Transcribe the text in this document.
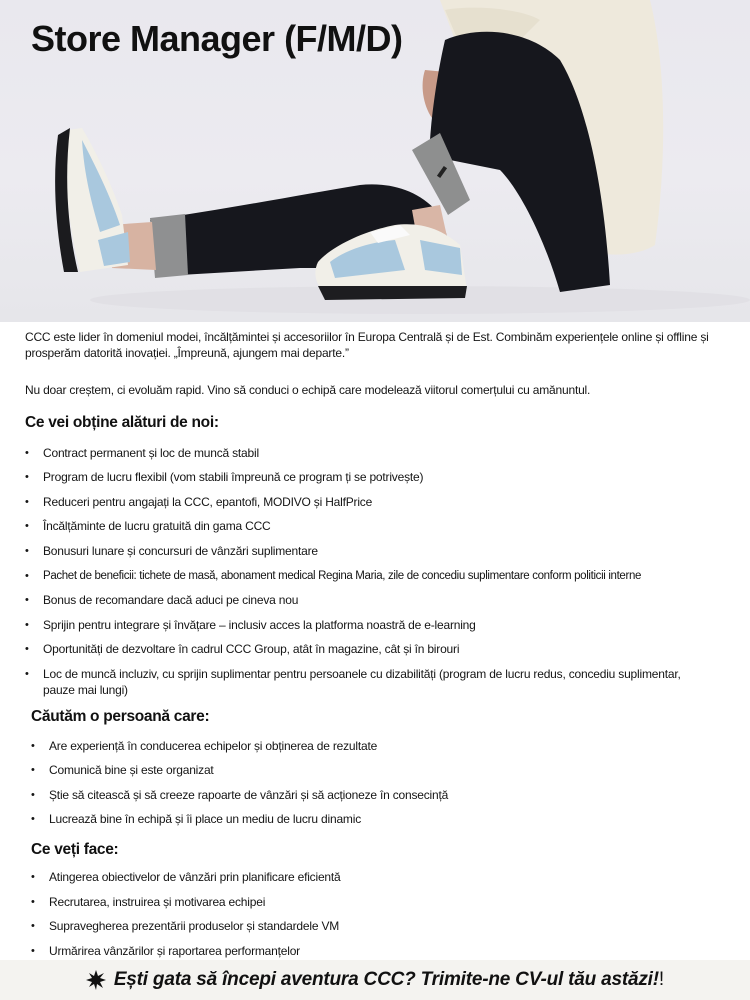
Store Manager (F/M/D)
CCC este lider în domeniul modei, încălțămintei și accesoriilor în Europa Centrală și de Est. Combinăm experiențele online și offline și
prosperăm datorită inovației. „Împreună, ajungem mai departe.”
Nu doar creștem, ci evoluăm rapid. Vino să conduci o echipă care modelează viitorul comerțului cu amănuntul.
Ce vei obține alături de noi:
• Contract permanent și loc de muncă stabil
• Program de lucru flexibil (vom stabili împreună ce program ți se potrivește)
• Reduceri pentru angajați la CCC, epantofi, MODIVO și HalfPrice
• Încălțăminte de lucru gratuită din gama CCC
• Bonusuri lunare și concursuri de vânzări suplimentare
• Pachet de beneficii: tichete de masă, abonament medical Regina Maria, zile de concediu suplimentare conform politicii interne
• Bonus de recomandare dacă aduci pe cineva nou
• Sprijin pentru integrare și învățare – inclusiv acces la platforma noastră de e-learning
• Oportunități de dezvoltare în cadrul CCC Group, atât în magazine, cât și în birouri
• Loc de muncă incluziv, cu sprijin suplimentar pentru persoanele cu dizabilități (program de lucru redus, concediu suplimentar, pauze mai lungi)
Căutăm o persoană care:
• Are experiență în conducerea echipelor și obținerea de rezultate
• Comunică bine și este organizat
• Știe să citească și să creeze rapoarte de vânzări și să acționeze în consecință
• Lucrează bine în echipă și îi place un mediu de lucru dinamic
Ce veți face:
• Atingerea obiectivelor de vânzări prin planificare eficientă
• Recrutarea, instruirea și motivarea echipei
• Supravegherea prezentării produselor și standardele VM
• Urmărirea vânzărilor și raportarea performanțelor
Ești gata să începi aventura CCC? Trimite-ne CV-ul tău astăzi! !
